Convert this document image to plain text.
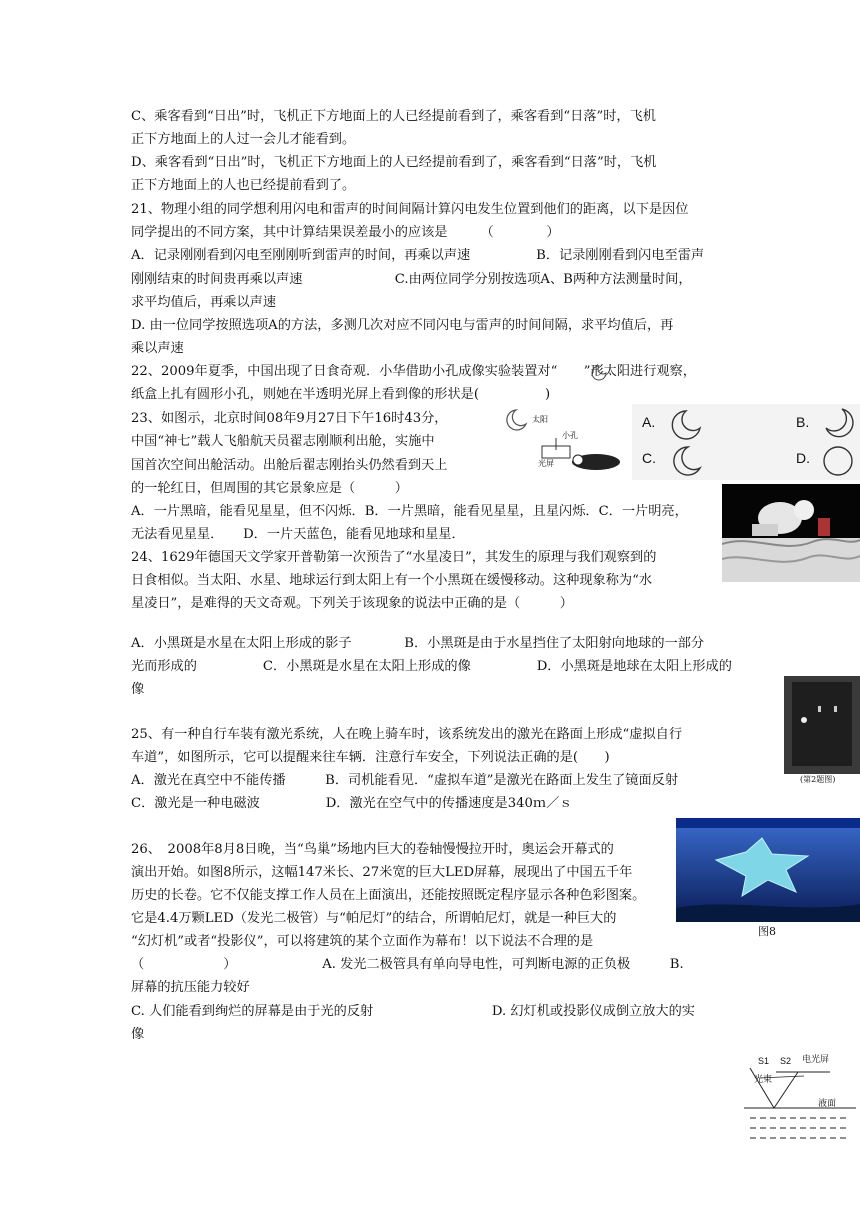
C、乘客看到“日出”时，飞机正下方地面上的人已经提前看到了，乘客看到“日落”时，飞机
正下方地面上的人过一会儿才能看到。
D、乘客看到“日出”时，飞机正下方地面上的人已经提前看到了，乘客看到“日落”时，飞机
正下方地面上的人也已经提前看到了。
21、物理小组的同学想利用闪电和雷声的时间间隔计算闪电发生位置到他们的距离，以下是因位
同学提出的不同方案，其中计算结果误差最小的应该是　　　（　　　　）
A．记录刚刚看到闪电至刚刚听到雷声的时间，再乘以声速　　　　　B．记录刚刚看到闪电至雷声
刚刚结束的时间贵再乘以声速　　　　　　　C.由两位同学分别按选项A、B两种方法测量时间，
求平均值后，再乘以声速
D. 由一位同学按照选项A的方法，多测几次对应不同闪电与雷声的时间间隔，求平均值后，再
乘以声速
22、2009年夏季，中国出现了日食奇观．小华借助小孔成像实验装置对“　　”形太阳进行观察，
纸盒上扎有圆形小孔，则她在半透明光屏上看到像的形状是(　　　　　)
23、如图示，北京时间08年9月27日下午16时43分，
中国“神七”载人飞船航天员翟志刚顺利出舱，实施中
国首次空间出舱活动。出舱后翟志刚抬头仍然看到天上
的一轮红日，但周围的其它景象应是（　　　）
A．一片黑暗，能看见星星，但不闪烁．B．一片黑暗，能看见星星，且星闪烁．C．一片明亮，
无法看见星星．　　D．一片天蓝色，能看见地球和星星．
24、1629年德国天文学家开普勒第一次预告了“水星凌日”，其发生的原理与我们观察到的
日食相似。当太阳、水星、地球运行到太阳上有一个小黑斑在缓慢移动。这种现象称为“水
星凌日”，是难得的天文奇观。下列关于该现象的说法中正确的是（　　　）
A．小黑斑是水星在太阳上形成的影子　　　　B．小黑斑是由于水星挡住了太阳射向地球的一部分
光而形成的　　　　　C．小黑斑是水星在太阳上形成的像　　　　　D．小黑斑是地球在太阳上形成的
像
25、有一种自行车装有激光系统，人在晚上骑车时，该系统发出的激光在路面上形成“虚拟自行
车道”，如图所示，它可以提醒来往车辆．注意行车安全，下列说法正确的是(　　)
A．激光在真空中不能传播　　　B．司机能看见．“虚拟车道”是激光在路面上发生了镜面反射
C．激光是一种电磁波　　　　　D．激光在空气中的传播速度是340ｍ／ｓ
26、　2008年8月8日晚，当“鸟巢”场地内巨大的卷轴慢慢拉开时，奥运会开幕式的
演出开始。如图8所示，这幅147米长、27米宽的巨大LED屏幕，展现出了中国五千年
历史的长卷。它不仅能支撑工作人员在上面演出，还能按照既定程序显示各种色彩图案。
它是4.4万颗LED（发光二极管）与“帕尼灯”的结合，所谓帕尼灯，就是一种巨大的
“幻灯机”或者“投影仪”，可以将建筑的某个立面作为幕布！以下说法不合理的是
（　　　　　　）　　　　　　　A. 发光二极管具有单向导电性，可判断电源的正负极　　　B.
屏幕的抗压能力较好
C. 人们能看到绚烂的屏幕是由于光的反射　　　　　　　　　D. 幻灯机或投影仪成倒立放大的实
像
太阳
小孔
光屏
A.	B.
C.	D.
(第2题图)
图8
S1 S2 电光屏
光束
液面
